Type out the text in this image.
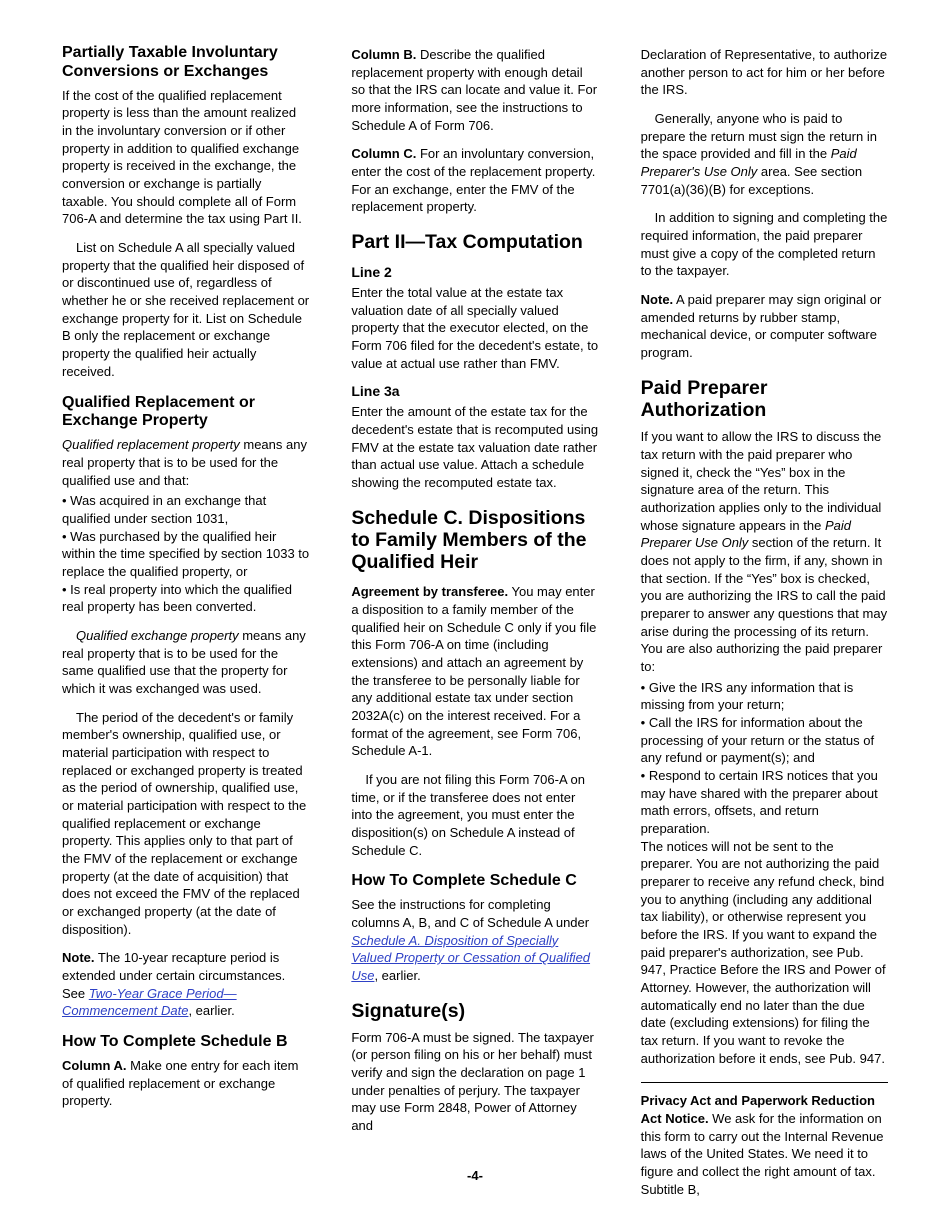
Partially Taxable Involuntary Conversions or Exchanges

If the cost of the qualified replacement property is less than the amount realized in the involuntary conversion or if other property in addition to qualified exchange property is received in the exchange, the conversion or exchange is partially taxable. You should complete all of Form 706-A and determine the tax using Part II.

List on Schedule A all specially valued property that the qualified heir disposed of or discontinued use of, regardless of whether he or she received replacement or exchange property for it. List on Schedule B only the replacement or exchange property the qualified heir actually received.

Qualified Replacement or Exchange Property

Qualified replacement property means any real property that is to be used for the qualified use and that:

• Was acquired in an exchange that qualified under section 1031,

• Was purchased by the qualified heir within the time specified by section 1033 to replace the qualified property, or

• Is real property into which the qualified real property has been converted.

Qualified exchange property means any real property that is to be used for the same qualified use that the property for which it was exchanged was used.

The period of the decedent's or family member's ownership, qualified use, or material participation with respect to replaced or exchanged property is treated as the period of ownership, qualified use, or material participation with respect to the qualified replacement or exchange property. This applies only to that part of the FMV of the replacement or exchange property (at the date of acquisition) that does not exceed the FMV of the replaced or exchanged property (at the date of disposition).

Note. The 10-year recapture period is extended under certain circumstances. See Two-Year Grace Period—Commencement Date, earlier.

How To Complete Schedule B

Column A. Make one entry for each item of qualified replacement or exchange property.

Column B. Describe the qualified replacement property with enough detail so that the IRS can locate and value it. For more information, see the instructions to Schedule A of Form 706.

Column C. For an involuntary conversion, enter the cost of the replacement property. For an exchange, enter the FMV of the replacement property.

Part II—Tax Computation
Line 2

Enter the total value at the estate tax valuation date of all specially valued property that the executor elected, on the Form 706 filed for the decedent's estate, to value at actual use rather than FMV.

Line 3a

Enter the amount of the estate tax for the decedent's estate that is recomputed using FMV at the estate tax valuation date rather than actual use value. Attach a schedule showing the recomputed estate tax.

Schedule C. Dispositions to Family Members of the Qualified Heir

Agreement by transferee. You may enter a disposition to a family member of the qualified heir on Schedule C only if you file this Form 706-A on time (including extensions) and attach an agreement by the transferee to be personally liable for any additional estate tax under section 2032A(c) on the interest received. For a format of the agreement, see Form 706, Schedule A-1.

If you are not filing this Form 706-A on time, or if the transferee does not enter into the agreement, you must enter the disposition(s) on Schedule A instead of Schedule C.

How To Complete Schedule C

See the instructions for completing columns A, B, and C of Schedule A under Schedule A. Disposition of Specially Valued Property or Cessation of Qualified Use, earlier.

Signature(s)

Form 706-A must be signed. The taxpayer (or person filing on his or her behalf) must verify and sign the declaration on page 1 under penalties of perjury. The taxpayer may use Form 2848, Power of Attorney and

Declaration of Representative, to authorize another person to act for him or her before the IRS.

Generally, anyone who is paid to prepare the return must sign the return in the space provided and fill in the Paid Preparer's Use Only area. See section 7701(a)(36)(B) for exceptions.

In addition to signing and completing the required information, the paid preparer must give a copy of the completed return to the taxpayer.

Note. A paid preparer may sign original or amended returns by rubber stamp, mechanical device, or computer software program.

Paid Preparer Authorization

If you want to allow the IRS to discuss the tax return with the paid preparer who signed it, check the “Yes” box in the signature area of the return. This authorization applies only to the individual whose signature appears in the Paid Preparer Use Only section of the return. It does not apply to the firm, if any, shown in that section. If the “Yes” box is checked, you are authorizing the IRS to call the paid preparer to answer any questions that may arise during the processing of its return. You are also authorizing the paid preparer to:

• Give the IRS any information that is missing from your return;

• Call the IRS for information about the processing of your return or the status of any refund or payment(s); and

• Respond to certain IRS notices that you may have shared with the preparer about math errors, offsets, and return preparation.

The notices will not be sent to the preparer. You are not authorizing the paid preparer to receive any refund check, bind you to anything (including any additional tax liability), or otherwise represent you before the IRS. If you want to expand the paid preparer's authorization, see Pub. 947, Practice Before the IRS and Power of Attorney. However, the authorization will automatically end no later than the due date (excluding extensions) for filing the tax return. If you want to revoke the authorization before it ends, see Pub. 947.

Privacy Act and Paperwork Reduction Act Notice. We ask for the information on this form to carry out the Internal Revenue laws of the United States. We need it to figure and collect the right amount of tax. Subtitle B,

-4-
